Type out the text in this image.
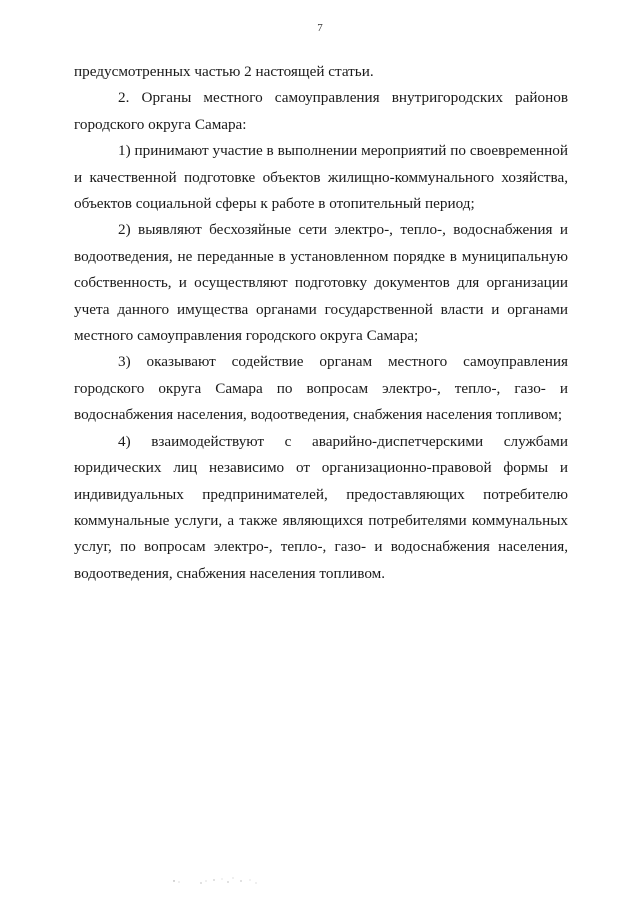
7

предусмотренных частью 2 настоящей статьи.

2. Органы местного самоуправления внутригородских районов городского округа Самара:

1) принимают участие в выполнении мероприятий по своевременной и качественной подготовке объектов жилищно-коммунального хозяйства, объектов социальной сферы к работе в отопительный период;

2) выявляют бесхозяйные сети электро-, тепло-, водоснабжения и водоотведения, не переданные в установленном порядке в муниципальную собственность, и осуществляют подготовку документов для организации учета данного имущества органами государственной власти и органами местного самоуправления городского округа Самара;

3) оказывают содействие органам местного самоуправления городского округа Самара по вопросам электро-, тепло-, газо- и водоснабжения населения, водоотведения, снабжения населения топливом;

4) взаимодействуют с аварийно-диспетчерскими службами юридических лиц независимо от организационно-правовой формы и индивидуальных предпринимателей, предоставляющих потребителю коммунальные услуги, а также являющихся потребителями коммунальных услуг, по вопросам электро-, тепло-, газо- и водоснабжения населения, водоотведения, снабжения населения топливом.
